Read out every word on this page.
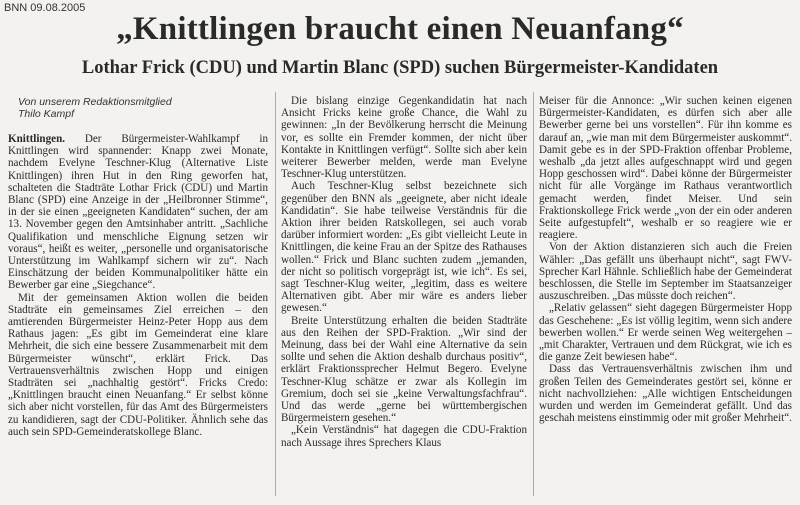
BNN 09.08.2005
„Knittlingen braucht einen Neuanfang“
Lothar Frick (CDU) und Martin Blanc (SPD) suchen Bürgermeister-Kandidaten
Von unserem Redaktionsmitglied
Thilo Kampf

Knittlingen. Der Bürgermeister-Wahlkampf in Knittlingen wird spannender: Knapp zwei Monate, nachdem Evelyne Teschner-Klug (Alternative Liste Knittlingen) ihren Hut in den Ring geworfen hat, schalteten die Stadträte Lothar Frick (CDU) und Martin Blanc (SPD) eine Anzeige in der „Heilbronner Stimme“, in der sie einen „geeigneten Kandidaten“ suchen, der am 13. November gegen den Amtsinhaber antritt. „Sachliche Qualifikation und menschliche Eignung setzen wir voraus“, heißt es weiter, „personelle und organisatorische Unterstützung im Wahlkampf sichern wir zu“. Nach Einschätzung der beiden Kommunalpolitiker hätte ein Bewerber gar eine „Siegchance“.

Mit der gemeinsamen Aktion wollen die beiden Stadträte ein gemeinsames Ziel erreichen – den amtierenden Bürgermeister Heinz-Peter Hopp aus dem Rathaus jagen: „Es gibt im Gemeinderat eine klare Mehrheit, die sich eine bessere Zusammenarbeit mit dem Bürgermeister wünscht“, erklärt Frick. Das Vertrauensverhältnis zwischen Hopp und einigen Stadträten sei „nachhaltig gestört“. Fricks Credo: „Knittlingen braucht einen Neuanfang.“ Er selbst könne sich aber nicht vorstellen, für das Amt des Bürgermeisters zu kandidieren, sagt der CDU-Politiker. Ähnlich sehe das auch sein SPD-Gemeinderatskollege Blanc.

Die bislang einzige Gegenkandidatin hat nach Ansicht Fricks keine große Chance, die Wahl zu gewinnen: „In der Bevölkerung herrscht die Meinung vor, es sollte ein Fremder kommen, der nicht über Kontakte in Knittlingen verfügt“. Sollte sich aber kein weiterer Bewerber melden, werde man Evelyne Teschner-Klug unterstützen.

Auch Teschner-Klug selbst bezeichnete sich gegenüber den BNN als „geeignete, aber nicht ideale Kandidatin“. Sie habe teilweise Verständnis für die Aktion ihrer beiden Ratskollegen, sei auch vorab darüber informiert worden: „Es gibt vielleicht Leute in Knittlingen, die keine Frau an der Spitze des Rathauses wollen.“ Frick und Blanc suchten zudem „jemanden, der nicht so politisch vorgeprägt ist, wie ich“. Es sei, sagt Teschner-Klug weiter, „legitim, dass es weitere Alternativen gibt. Aber mir wäre es anders lieber gewesen.“

Breite Unterstützung erhalten die beiden Stadträte aus den Reihen der SPD-Fraktion. „Wir sind der Meinung, dass bei der Wahl eine Alternative da sein sollte und sehen die Aktion deshalb durchaus positiv“, erklärt Fraktionssprecher Helmut Begero. Evelyne Teschner-Klug schätze er zwar als Kollegin im Gremium, doch sei sie „keine Verwaltungsfachfrau“. Und das werde „gerne bei württembergischen Bürgermeistern gesehen.“

„Kein Verständnis“ hat dagegen die CDU-Fraktion nach Aussage ihres Sprechers Klaus

Meiser für die Annonce: „Wir suchen keinen eigenen Bürgermeister-Kandidaten, es dürfen sich aber alle Bewerber gerne bei uns vorstellen“. Für ihn komme es darauf an, „wie man mit dem Bürgermeister auskommt“. Damit gebe es in der SPD-Fraktion offenbar Probleme, weshalb „da jetzt alles aufgeschnappt wird und gegen Hopp geschossen wird“. Dabei könne der Bürgermeister nicht für alle Vorgänge im Rathaus verantwortlich gemacht werden, findet Meiser. Und sein Fraktionskollege Frick werde „von der ein oder anderen Seite aufgestupfelt“, weshalb er so reagiere wie er reagiere.

Von der Aktion distanzieren sich auch die Freien Wähler: „Das gefällt uns überhaupt nicht“, sagt FWV-Sprecher Karl Hähnle. Schließlich habe der Gemeinderat beschlossen, die Stelle im September im Staatsanzeiger auszuschreiben. „Das müsste doch reichen“.

„Relativ gelassen“ sieht dagegen Bürgermeister Hopp das Geschehene: „Es ist völlig legitim, wenn sich andere bewerben wollen.“ Er werde seinen Weg weitergehen – „mit Charakter, Vertrauen und dem Rückgrat, wie ich es die ganze Zeit bewiesen habe“.

Dass das Vertrauensverhältnis zwischen ihm und großen Teilen des Gemeinderates gestört sei, könne er nicht nachvollziehen: „Alle wichtigen Entscheidungen wurden und werden im Gemeinderat gefällt. Und das geschah meistens einstimmig oder mit großer Mehrheit“.
